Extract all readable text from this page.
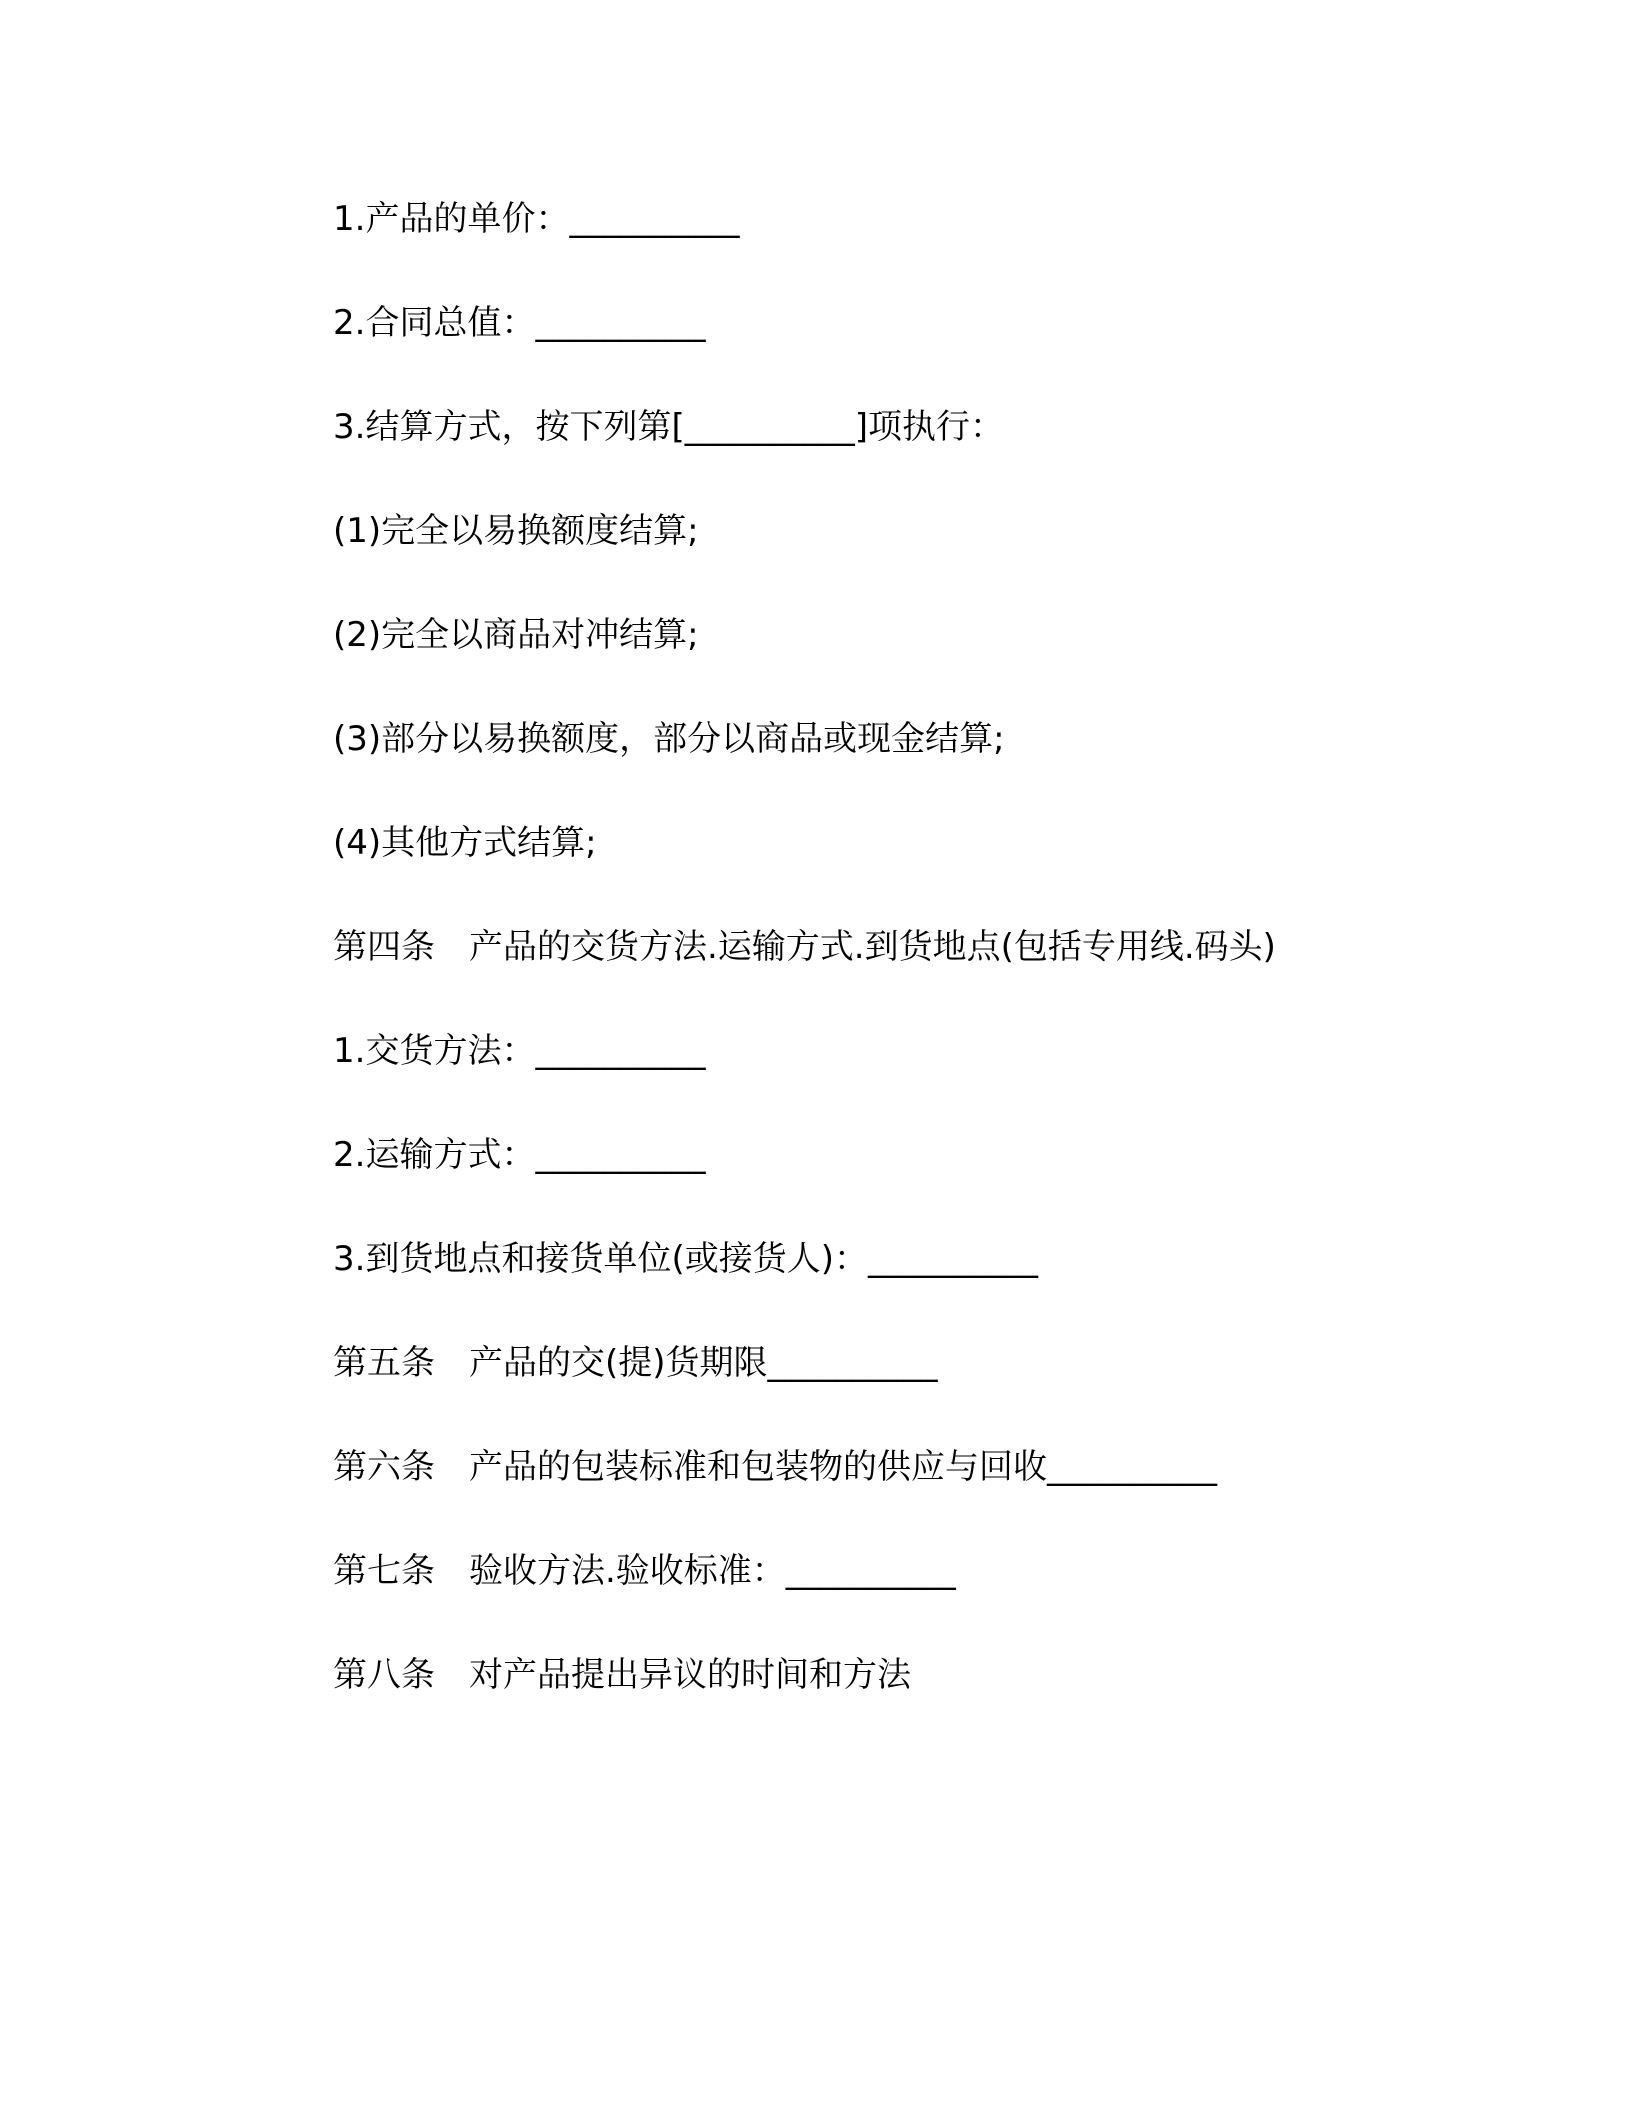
1.产品的单价：__________
2.合同总值：__________
3.结算方式，按下列第[__________]项执行：
(1)完全以易换额度结算;
(2)完全以商品对冲结算;
(3)部分以易换额度，部分以商品或现金结算;
(4)其他方式结算;
第四条　产品的交货方法.运输方式.到货地点(包括专用线.码头)
1.交货方法：__________
2.运输方式：__________
3.到货地点和接货单位(或接货人)：__________
第五条　产品的交(提)货期限__________
第六条　产品的包装标准和包装物的供应与回收__________
第七条　验收方法.验收标准：__________
第八条　对产品提出异议的时间和方法
